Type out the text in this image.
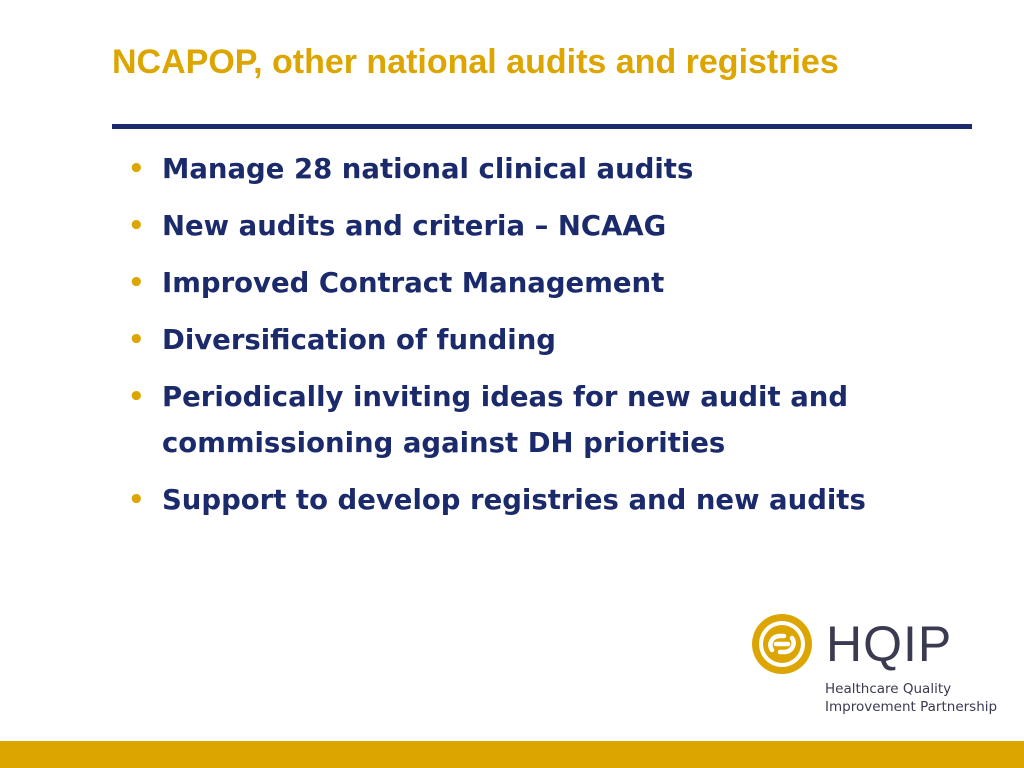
NCAPOP, other national audits and registries
• Manage 28 national clinical audits
• New audits and criteria – NCAAG
• Improved Contract Management
• Diversification of funding
• Periodically inviting ideas for new audit and commissioning against DH priorities
• Support to develop registries and new audits
HQIP
Healthcare Quality
Improvement Partnership
